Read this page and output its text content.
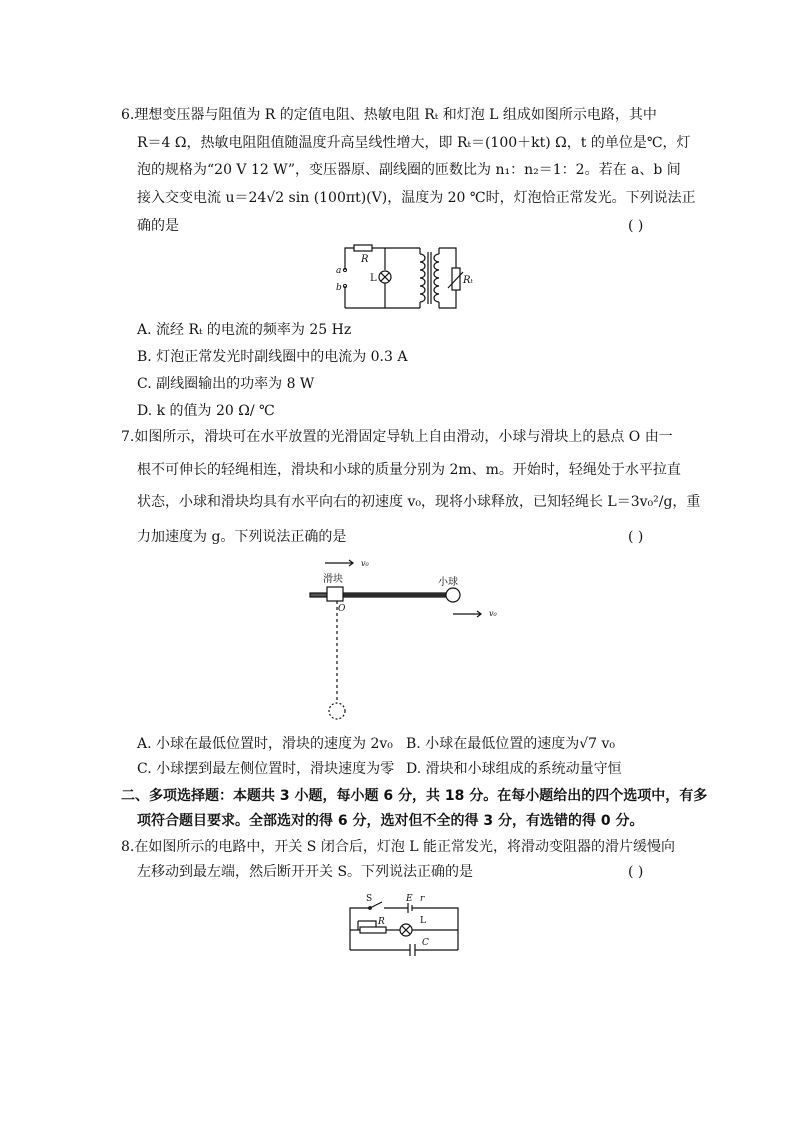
6.理想变压器与阻值为 R 的定值电阻、热敏电阻 Rₜ 和灯泡 L 组成如图所示电路，其中
R＝4 Ω，热敏电阻阻值随温度升高呈线性增大，即 Rₜ＝(100＋kt) Ω，t 的单位是℃，灯
泡的规格为“20 V 12 W”，变压器原、副线圈的匝数比为 n₁：n₂＝1：2。若在 a、b 间
接入交变电流 u＝24√2 sin (100πt)(V)，温度为 20 ℃时，灯泡恰正常发光。下列说法正
确的是	( )
R
L
a
b
Rₜ
A. 流经 Rₜ 的电流的频率为 25 Hz
B. 灯泡正常发光时副线圈中的电流为 0.3 A
C. 副线圈输出的功率为 8 W
D. k 的值为 20 Ω/ ℃
7.如图所示，滑块可在水平放置的光滑固定导轨上自由滑动，小球与滑块上的悬点 O 由一
根不可伸长的轻绳相连，滑块和小球的质量分别为 2m、m。开始时，轻绳处于水平拉直
状态，小球和滑块均具有水平向右的初速度 v₀，现将小球释放，已知轻绳长 L＝3v₀²/g，重
力加速度为 g。下列说法正确的是	( )
v₀
滑块	小球
O	v₀
A. 小球在最低位置时，滑块的速度为 2v₀ B. 小球在最低位置的速度为√7 v₀
C. 小球摆到最左侧位置时，滑块速度为零 D. 滑块和小球组成的系统动量守恒
二、多项选择题：本题共 3 小题，每小题 6 分，共 18 分。在每小题给出的四个选项中，有多
项符合题目要求。全部选对的得 6 分，选对但不全的得 3 分，有选错的得 0 分。
8.在如图所示的电路中，开关 S 闭合后，灯泡 L 能正常发光，将滑动变阻器的滑片缓慢向
左移动到最左端，然后断开开关 S。下列说法正确的是	( )
S	E r
R	L
C
